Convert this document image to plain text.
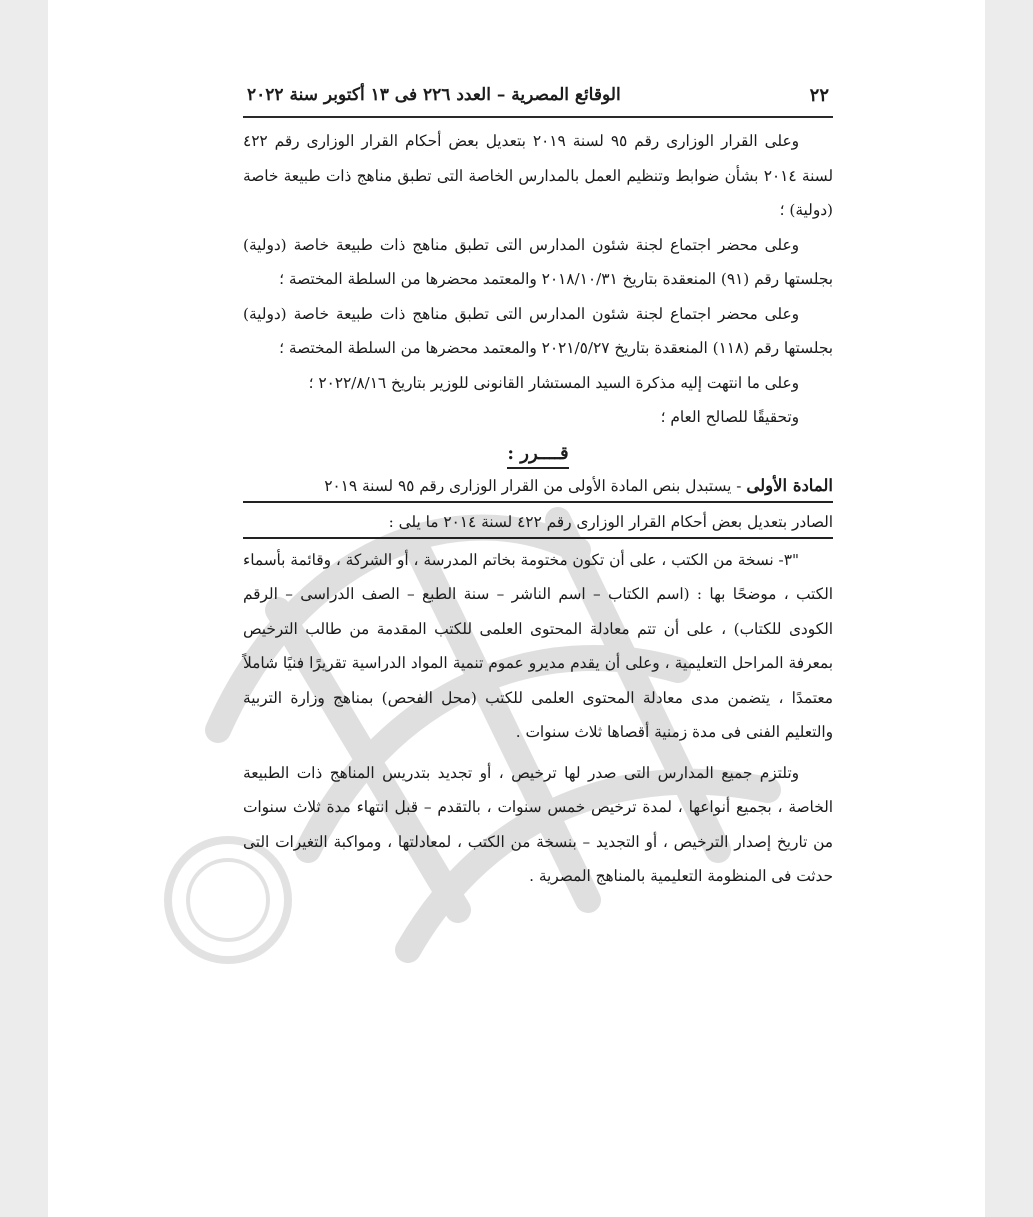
٢٢
الوقائع المصرية – العدد ٢٢٦ فى ١٣ أكتوبر سنة ٢٠٢٢

وعلى القرار الوزارى رقم ٩٥ لسنة ٢٠١٩ بتعديل بعض أحكام القرار الوزارى رقم ٤٢٢ لسنة ٢٠١٤ بشأن ضوابط وتنظيم العمل بالمدارس الخاصة التى تطبق مناهج ذات طبيعة خاصة (دولية) ؛

وعلى محضر اجتماع لجنة شئون المدارس التى تطبق مناهج ذات طبيعة خاصة (دولية) بجلستها رقم (٩١) المنعقدة بتاريخ ٢٠١٨/١٠/٣١ والمعتمد محضرها من السلطة المختصة ؛

وعلى محضر اجتماع لجنة شئون المدارس التى تطبق مناهج ذات طبيعة خاصة (دولية) بجلستها رقم (١١٨) المنعقدة بتاريخ ٢٠٢١/٥/٢٧ والمعتمد محضرها من السلطة المختصة ؛

وعلى ما انتهت إليه مذكرة السيد المستشار القانونى للوزير بتاريخ ٢٠٢٢/٨/١٦ ؛

وتحقيقًا للصالح العام ؛

قــــرر :
المادة الأولى - يستبدل بنص المادة الأولى من القرار الوزارى رقم ٩٥ لسنة ٢٠١٩
الصادر بتعديل بعض أحكام القرار الوزارى رقم ٤٢٢ لسنة ٢٠١٤ ما يلى :

"٣- نسخة من الكتب ، على أن تكون مختومة بخاتم المدرسة ، أو الشركة ، وقائمة بأسماء الكتب ، موضحًا بها : (اسم الكتاب – اسم الناشر – سنة الطبع – الصف الدراسى – الرقم الكودى للكتاب) ، على أن تتم معادلة المحتوى العلمى للكتب المقدمة من طالب الترخيص بمعرفة المراحل التعليمية ، وعلى أن يقدم مديرو عموم تنمية المواد الدراسية تقريرًا فنيًا شاملاً معتمدًا ، يتضمن مدى معادلة المحتوى العلمى للكتب (محل الفحص) بمناهج وزارة التربية والتعليم الفنى فى مدة زمنية أقصاها ثلاث سنوات .

وتلتزم جميع المدارس التى صدر لها ترخيص ، أو تجديد بتدريس المناهج ذات الطبيعة الخاصة ، بجميع أنواعها ، لمدة ترخيص خمس سنوات ، بالتقدم – قبل انتهاء مدة ثلاث سنوات من تاريخ إصدار الترخيص ، أو التجديد – بنسخة من الكتب ، لمعادلتها ، ومواكبة التغيرات التى حدثت فى المنظومة التعليمية بالمناهج المصرية .
